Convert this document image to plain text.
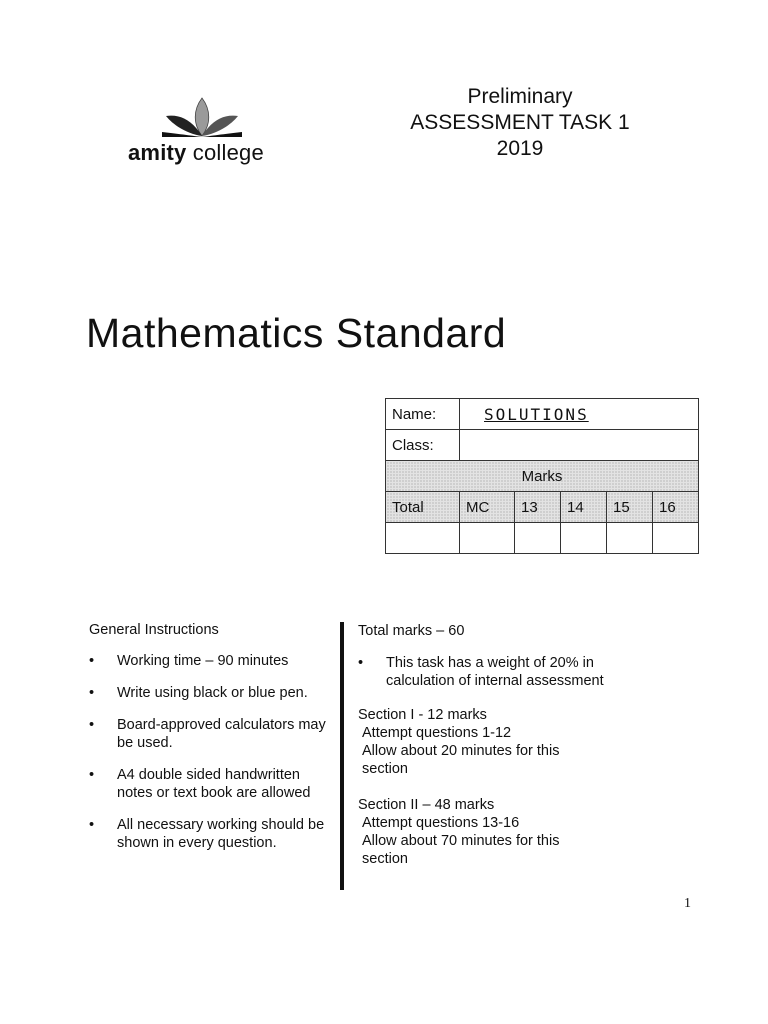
amity college
Preliminary
ASSESSMENT TASK 1
2019
Mathematics Standard
Name:	SOLUTIONS				
Class:					
Marks					
Total	MC	13	14	15	16

General Instructions
• Working time – 90 minutes
• Write using black or blue pen.
• Board-approved calculators may be used.
• A4 double sided handwritten notes or text book are allowed
• All necessary working should be shown in every question.
Total marks – 60
• This task has a weight of 20% in calculation of internal assessment
Section I - 12 marks
Attempt questions 1-12
Allow about 20 minutes for this section
Section II – 48 marks
Attempt questions 13-16
Allow about 70 minutes for this section
1
